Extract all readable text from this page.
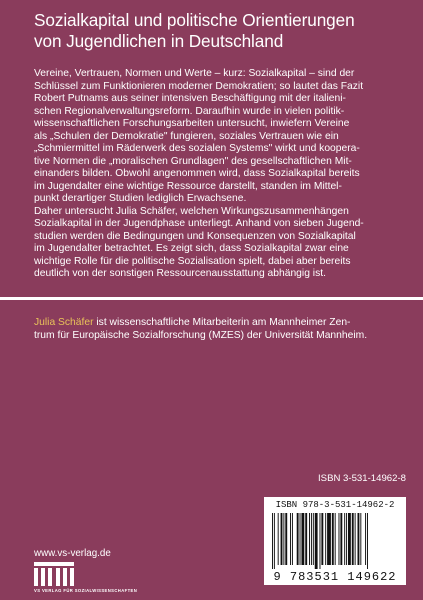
Sozialkapital und politische Orientierungen
von Jugendlichen in Deutschland
Vereine, Vertrauen, Normen und Werte – kurz: Sozialkapital – sind der
Schlüssel zum Funktionieren moderner Demokratien; so lautet das Fazit
Robert Putnams aus seiner intensiven Beschäftigung mit der italieni-
schen Regionalverwaltungsreform. Daraufhin wurde in vielen politik-
wissenschaftlichen Forschungsarbeiten untersucht, inwiefern Vereine
als „Schulen der Demokratie" fungieren, soziales Vertrauen wie ein
„Schmiermittel im Räderwerk des sozialen Systems" wirkt und koopera-
tive Normen die „moralischen Grundlagen" des gesellschaftlichen Mit-
einanders bilden. Obwohl angenommen wird, dass Sozialkapital bereits
im Jugendalter eine wichtige Ressource darstellt, standen im Mittel-
punkt derartiger Studien lediglich Erwachsene.
Daher untersucht Julia Schäfer, welchen Wirkungszusammenhängen
Sozialkapital in der Jugendphase unterliegt. Anhand von sieben Jugend-
studien werden die Bedingungen und Konsequenzen von Sozialkapital
im Jugendalter betrachtet. Es zeigt sich, dass Sozialkapital zwar eine
wichtige Rolle für die politische Sozialisation spielt, dabei aber bereits
deutlich von der sonstigen Ressourcenausstattung abhängig ist.
Julia Schäfer ist wissenschaftliche Mitarbeiterin am Mannheimer Zen-
trum für Europäische Sozialforschung (MZES) der Universität Mannheim.
ISBN 3-531-14962-8
ISBN 978-3-531-14962-2
9 783531 149622
www.vs-verlag.de
VS VERLAG FÜR SOZIALWISSENSCHAFTEN
